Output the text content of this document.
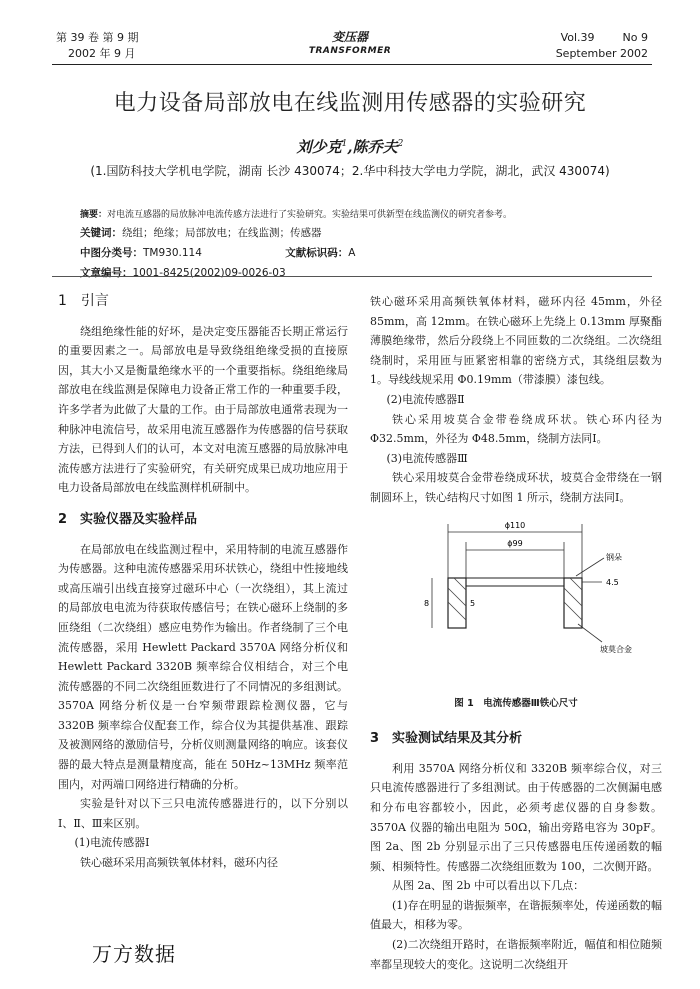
第 39 卷 第 9 期
2002 年 9 月
变压器
TRANSFORMER
Vol.39	No 9
September 2002
电力设备局部放电在线监测用传感器的实验研究
刘少克$^1$,陈乔夫$^2$
(1.国防科技大学机电学院，湖南 长沙 430074；2.华中科技大学电力学院，湖北，武汉 430074)
摘要：对电流互感器的局放脉冲电流传感方法进行了实验研究。实验结果可供新型在线监测仪的研究者参考。
关键词：绕组；绝缘；局部放电；在线监测；传感器
中图分类号：TM930.114	文献标识码：A 文章编号：1001-8425(2002)09-0026-03
1　引言

绕组绝缘性能的好坏，是决定变压器能否长期正常运行的重要因素之一。局部放电是导致绕组绝缘受损的直接原因，其大小又是衡量绝缘水平的一个重要指标。绕组绝缘局部放电在线监测是保障电力设备正常工作的一种重要手段，许多学者为此做了大量的工作。由于局部放电通常表现为一种脉冲电流信号，故采用电流互感器作为传感器的信号获取方法，已得到人们的认可，本文对电流互感器的局放脉冲电流传感方法进行了实验研究，有关研究成果已成功地应用于电力设备局部放电在线监测样机研制中。

2　实验仪器及实验样品

在局部放电在线监测过程中，采用特制的电流互感器作为传感器。这种电流传感器采用环状铁心，绕组中性接地线或高压端引出线直接穿过磁环中心（一次绕组），其上流过的局部放电电流为待获取传感信号；在铁心磁环上绕制的多匝绕组（二次绕组）感应电势作为输出。作者绕制了三个电流传感器，采用 Hewlett Packard 3570A 网络分析仪和 Hewlett Packard 3320B 频率综合仪相结合，对三个电流传感器的不同二次绕组匝数进行了不同情况的多组测试。3570A 网络分析仪是一台窄频带跟踪检测仪器，它与 3320B 频率综合仪配套工作，综合仪为其提供基准、跟踪及被测网络的激励信号，分析仪则测量网络的响应。该套仪器的最大特点是测量精度高，能在 50Hz~13MHz 频率范围内，对两端口网络进行精确的分析。

实验是针对以下三只电流传感器进行的，以下分别以Ⅰ、Ⅱ、Ⅲ来区别。

(1)电流传感器Ⅰ

铁心磁环采用高频铁氧体材料，磁环内径

铁心磁环采用高频铁氧体材料，磁环内径 45mm，外径 85mm，高 12mm。在铁心磁环上先绕上 0.13mm 厚聚酯薄膜绝缘带，然后分段绕上不同匝数的二次绕组。二次绕组绕制时，采用匝与匝紧密相靠的密绕方式，其绕组层数为 1。导线线规采用 Φ0.19mm（带漆膜）漆包线。

(2)电流传感器Ⅱ

铁心采用坡莫合金带卷绕成环状。铁心环内径为 Φ32.5mm，外径为 Φ48.5mm，绕制方法同Ⅰ。

(3)电流传感器Ⅲ

铁心采用坡莫合金带卷绕成环状，坡莫合金带绕在一钢制圆环上，铁心结构尺寸如图 1 所示，绕制方法同Ⅰ。

ϕ110
ϕ99
8	5
4.5
钢朵
坡莫合金
图 1　电流传感器Ⅲ铁心尺寸
3　实验测试结果及其分析

利用 3570A 网络分析仪和 3320B 频率综合仪，对三只电流传感器进行了多组测试。由于传感器的二次侧漏电感和分布电容都较小，因此，必须考虑仪器的自身参数。3570A 仪器的输出电阻为 50Ω，输出旁路电容为 30pF。图 2a、图 2b 分别显示出了三只传感器电压传递函数的幅频、相频特性。传感器二次绕组匝数为 100，二次侧开路。

从图 2a、图 2b 中可以看出以下几点：

(1)存在明显的谐振频率，在谐振频率处，传递函数的幅值最大，相移为零。

(2)二次绕组开路时，在谐振频率附近，幅值和相位随频率都呈现较大的变化。这说明二次绕组开

万方数据
